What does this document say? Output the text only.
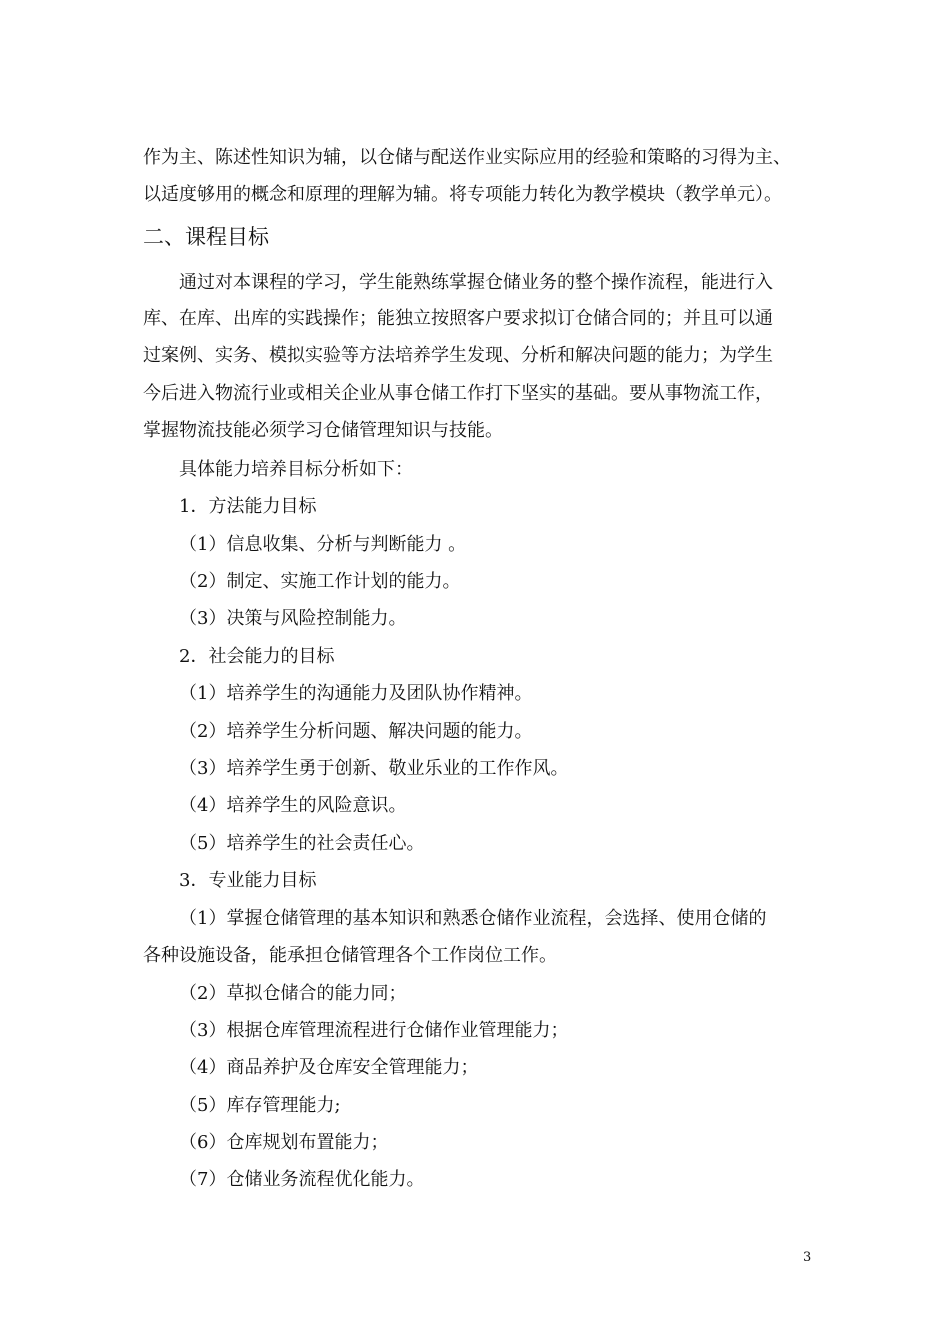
作为主、陈述性知识为辅，以仓储与配送作业实际应用的经验和策略的习得为主、
以适度够用的概念和原理的理解为辅。将专项能力转化为教学模块（教学单元）。
二、课程目标
通过对本课程的学习，学生能熟练掌握仓储业务的整个操作流程，能进行入
库、在库、出库的实践操作；能独立按照客户要求拟订仓储合同的；并且可以通
过案例、实务、模拟实验等方法培养学生发现、分析和解决问题的能力；为学生
今后进入物流行业或相关企业从事仓储工作打下坚实的基础。要从事物流工作，
掌握物流技能必须学习仓储管理知识与技能。
具体能力培养目标分析如下：
1．方法能力目标
（1）信息收集、分析与判断能力 。
（2）制定、实施工作计划的能力。
（3）决策与风险控制能力。
2．社会能力的目标
（1）培养学生的沟通能力及团队协作精神。
（2）培养学生分析问题、解决问题的能力。
（3）培养学生勇于创新、敬业乐业的工作作风。
（4）培养学生的风险意识。
（5）培养学生的社会责任心。
3．专业能力目标
（1）掌握仓储管理的基本知识和熟悉仓储作业流程，会选择、使用仓储的
各种设施设备，能承担仓储管理各个工作岗位工作。
（2）草拟仓储合的能力同；
（3）根据仓库管理流程进行仓储作业管理能力；
（4）商品养护及仓库安全管理能力；
（5）库存管理能力;
（6）仓库规划布置能力；
（7）仓储业务流程优化能力。
3
